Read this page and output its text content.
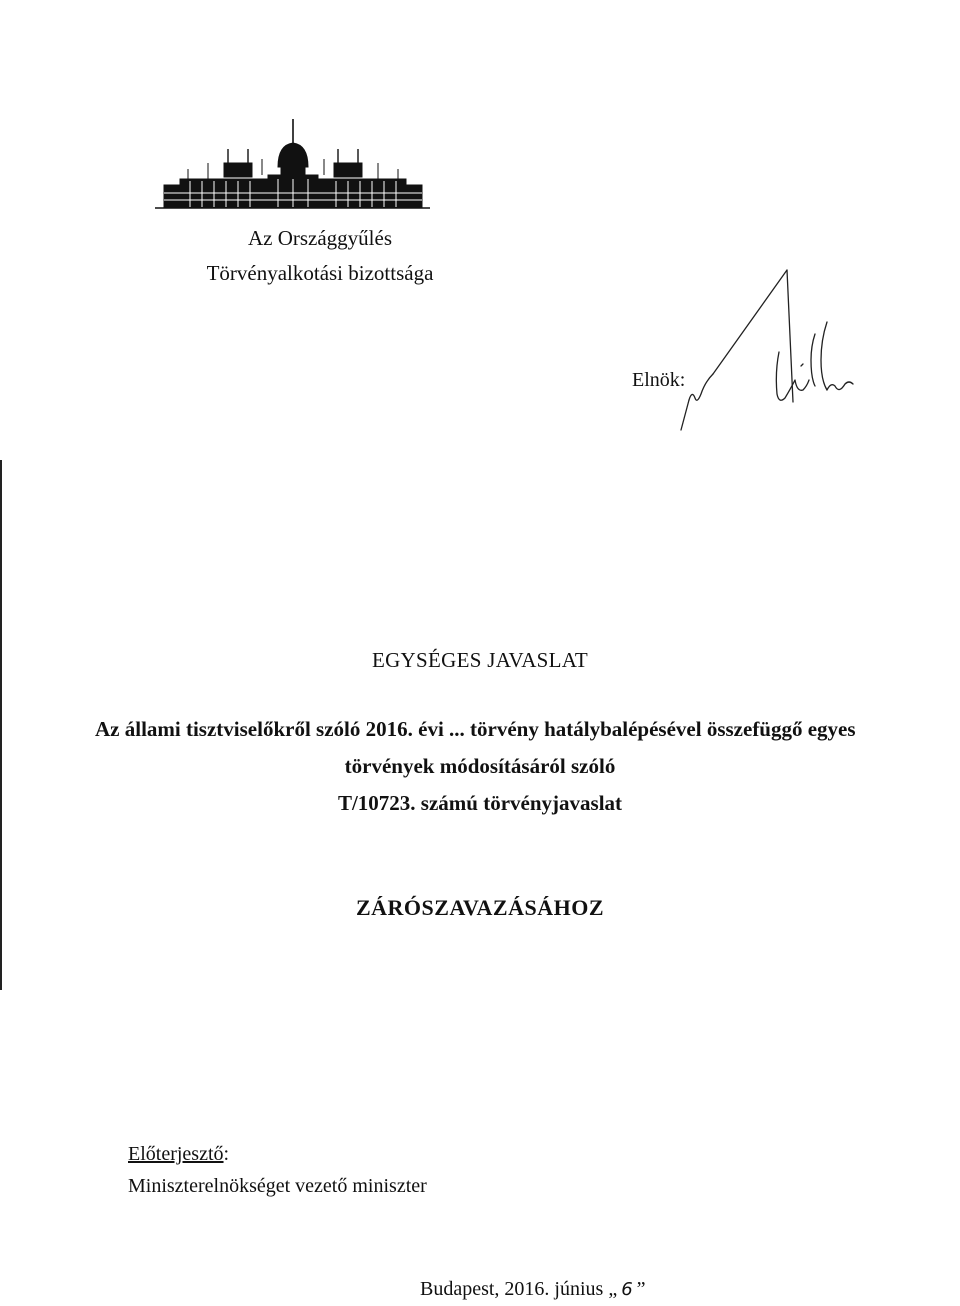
Az Országgyűlés
Törvényalkotási bizottsága
Elnök:
EGYSÉGES JAVASLAT
Az állami tisztviselőkről szóló 2016. évi ... törvény hatálybalépésével összefüggő egyes
törvények módosításáról szóló
T/10723. számú törvényjavaslat
ZÁRÓSZAVAZÁSÁHOZ
Előterjesztő:
Miniszterelnökséget vezető miniszter
Budapest, 2016. június „ 6 ”
